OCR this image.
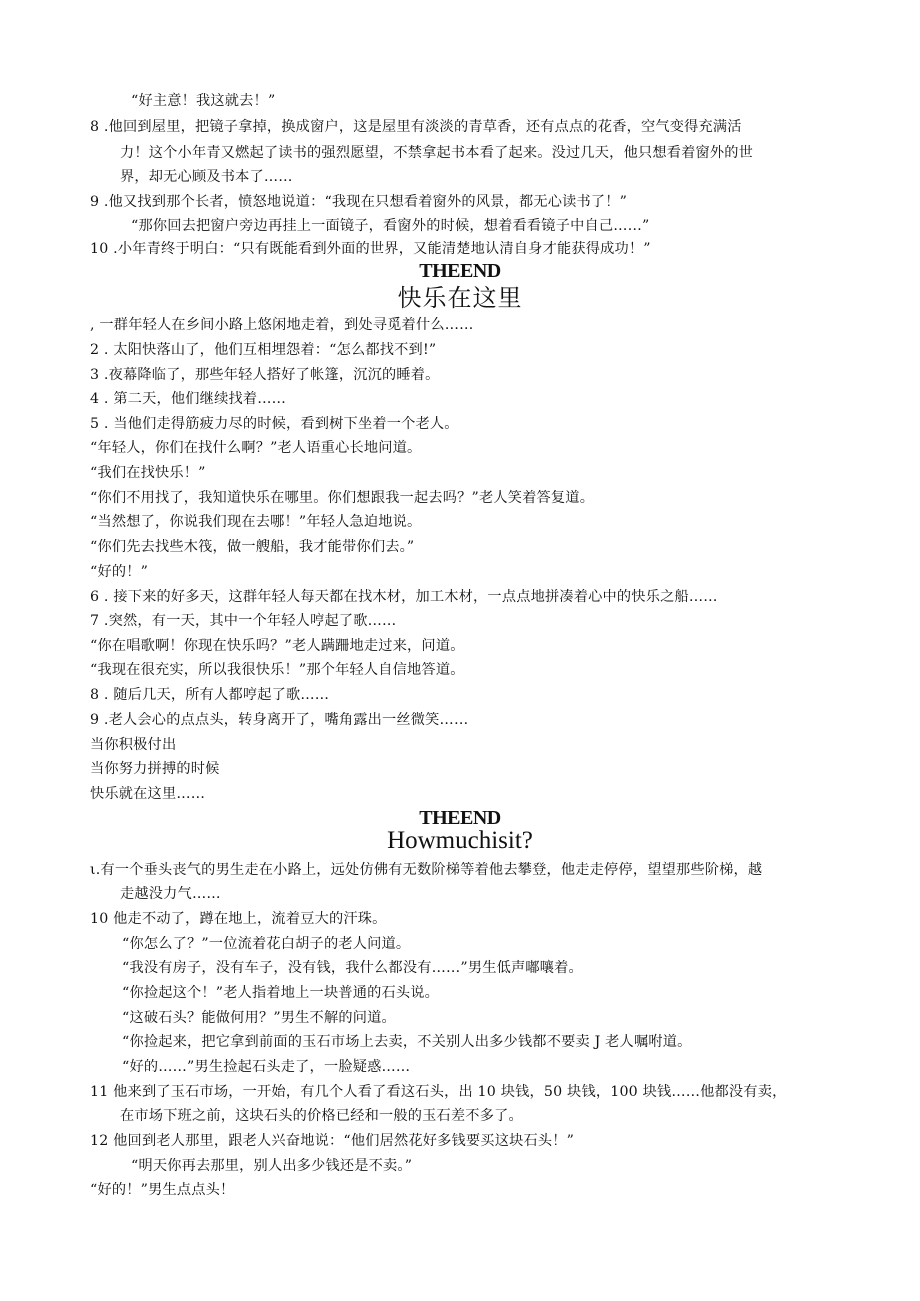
“好主意！我这就去！”
8 .他回到屋里，把镜子拿掉，换成窗户，这是屋里有淡淡的青草香，还有点点的花香，空气变得充满活
力！这个小年青又燃起了读书的强烈愿望，不禁拿起书本看了起来。没过几天，他只想看着窗外的世
界，却无心顾及书本了……
9 .他又找到那个长者，愤怒地说道：“我现在只想看着窗外的风景，都无心读书了！”
“那你回去把窗户旁边再挂上一面镜子，看窗外的时候，想着看看镜子中自己……”
10 .小年青终于明白：“只有既能看到外面的世界，又能清楚地认清自身才能获得成功！”
THEEND
快乐在这里
, 一群年轻人在乡间小路上悠闲地走着，到处寻觅着什么……
2 . 太阳快落山了，他们互相埋怨着：“怎么都找不到!”
3 .夜幕降临了，那些年轻人搭好了帐篷，沉沉的睡着。
4 . 第二天，他们继续找着……
5 . 当他们走得筋疲力尽的时候，看到树下坐着一个老人。
“年轻人，你们在找什么啊？”老人语重心长地问道。
“我们在找快乐！”
“你们不用找了，我知道快乐在哪里。你们想跟我一起去吗？”老人笑着答复道。
“当然想了，你说我们现在去哪！”年轻人急迫地说。
“你们先去找些木筏，做一艘船，我才能带你们去。”
“好的！”
6 . 接下来的好多天，这群年轻人每天都在找木材，加工木材，一点点地拼凑着心中的快乐之船……
7 .突然，有一天，其中一个年轻人哼起了歌……
“你在唱歌啊！你现在快乐吗？”老人蹒跚地走过来，问道。
“我现在很充实，所以我很快乐！”那个年轻人自信地答道。
8 . 随后几天，所有人都哼起了歌……
9 .老人会心的点点头，转身离开了，嘴角露出一丝微笑……
当你积极付出
当你努力拼搏的时候
快乐就在这里……
THEEND
Howmuchisit?
ι.有一个垂头丧气的男生走在小路上，远处仿佛有无数阶梯等着他去攀登，他走走停停，望望那些阶梯，越
走越没力气……
10 他走不动了，蹲在地上，流着豆大的汗珠。
“你怎么了？”一位流着花白胡子的老人问道。
“我没有房子，没有车子，没有钱，我什么都没有……”男生低声嘟嚷着。
“你捡起这个！”老人指着地上一块普通的石头说。
“这破石头？能做何用？”男生不解的问道。
“你捡起来，把它拿到前面的玉石市场上去卖，不关别人出多少钱都不要卖 J 老人嘱咐道。
“好的……”男生捡起石头走了，一脸疑惑……
11 他来到了玉石市场，一开始，有几个人看了看这石头，出 10 块钱，50 块钱，100 块钱……他都没有卖，
在市场下班之前，这块石头的价格已经和一般的玉石差不多了。
12 他回到老人那里，跟老人兴奋地说：“他们居然花好多钱要买这块石头！”
“明天你再去那里，别人出多少钱还是不卖。”
“好的！”男生点点头！
